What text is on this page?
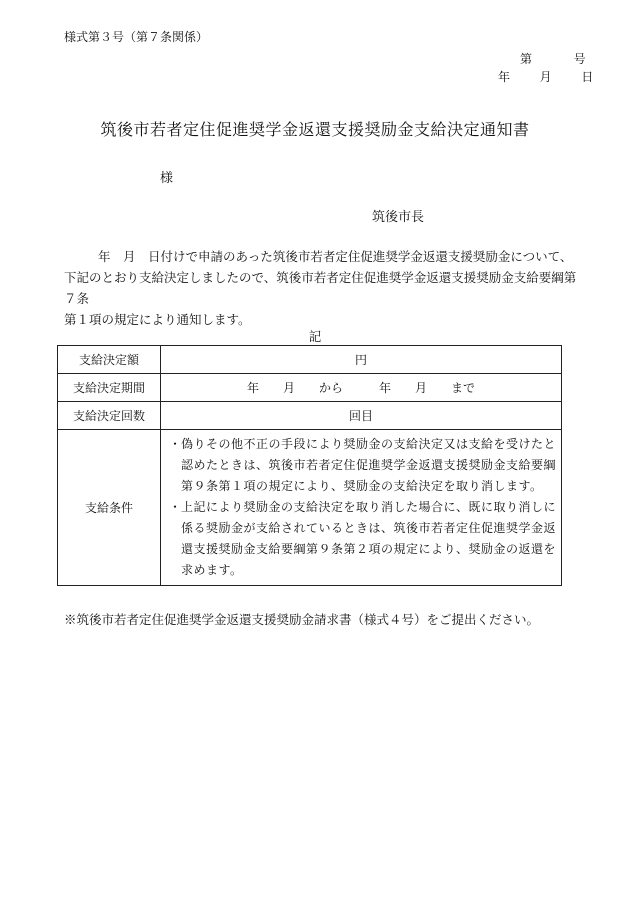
様式第３号（第７条関係）
第	号
年 月 日
筑後市若者定住促進奨学金返還支援奨励金支給決定通知書
様
筑後市長

年　月　日付けで申請のあった筑後市若者定住促進奨学金返還支援奨励金について、

下記のとおり支給決定しましたので、筑後市若者定住促進奨学金返還支援奨励金支給要綱第７条

第１項の規定により通知します。

記
支給決定額	円
支給決定期間	年　　月　　から　　　年　　月　　まで
支給決定回数	回目
支給条件	・ 偽りその他不正の手段により奨励金の支給決定又は支給を受けたと認めたときは、筑後市若者定住促進奨学金返還支援奨励金支給要綱第９条第１項の規定により、奨励金の支給決定を取り消します。
・ 上記により奨励金の支給決定を取り消した場合に、既に取り消しに係る奨励金が支給されているときは、筑後市若者定住促進奨学金返還支援奨励金支給要綱第９条第２項の規定により、奨励金の返還を求めます。
※筑後市若者定住促進奨学金返還支援奨励金請求書（様式４号）をご提出ください。
